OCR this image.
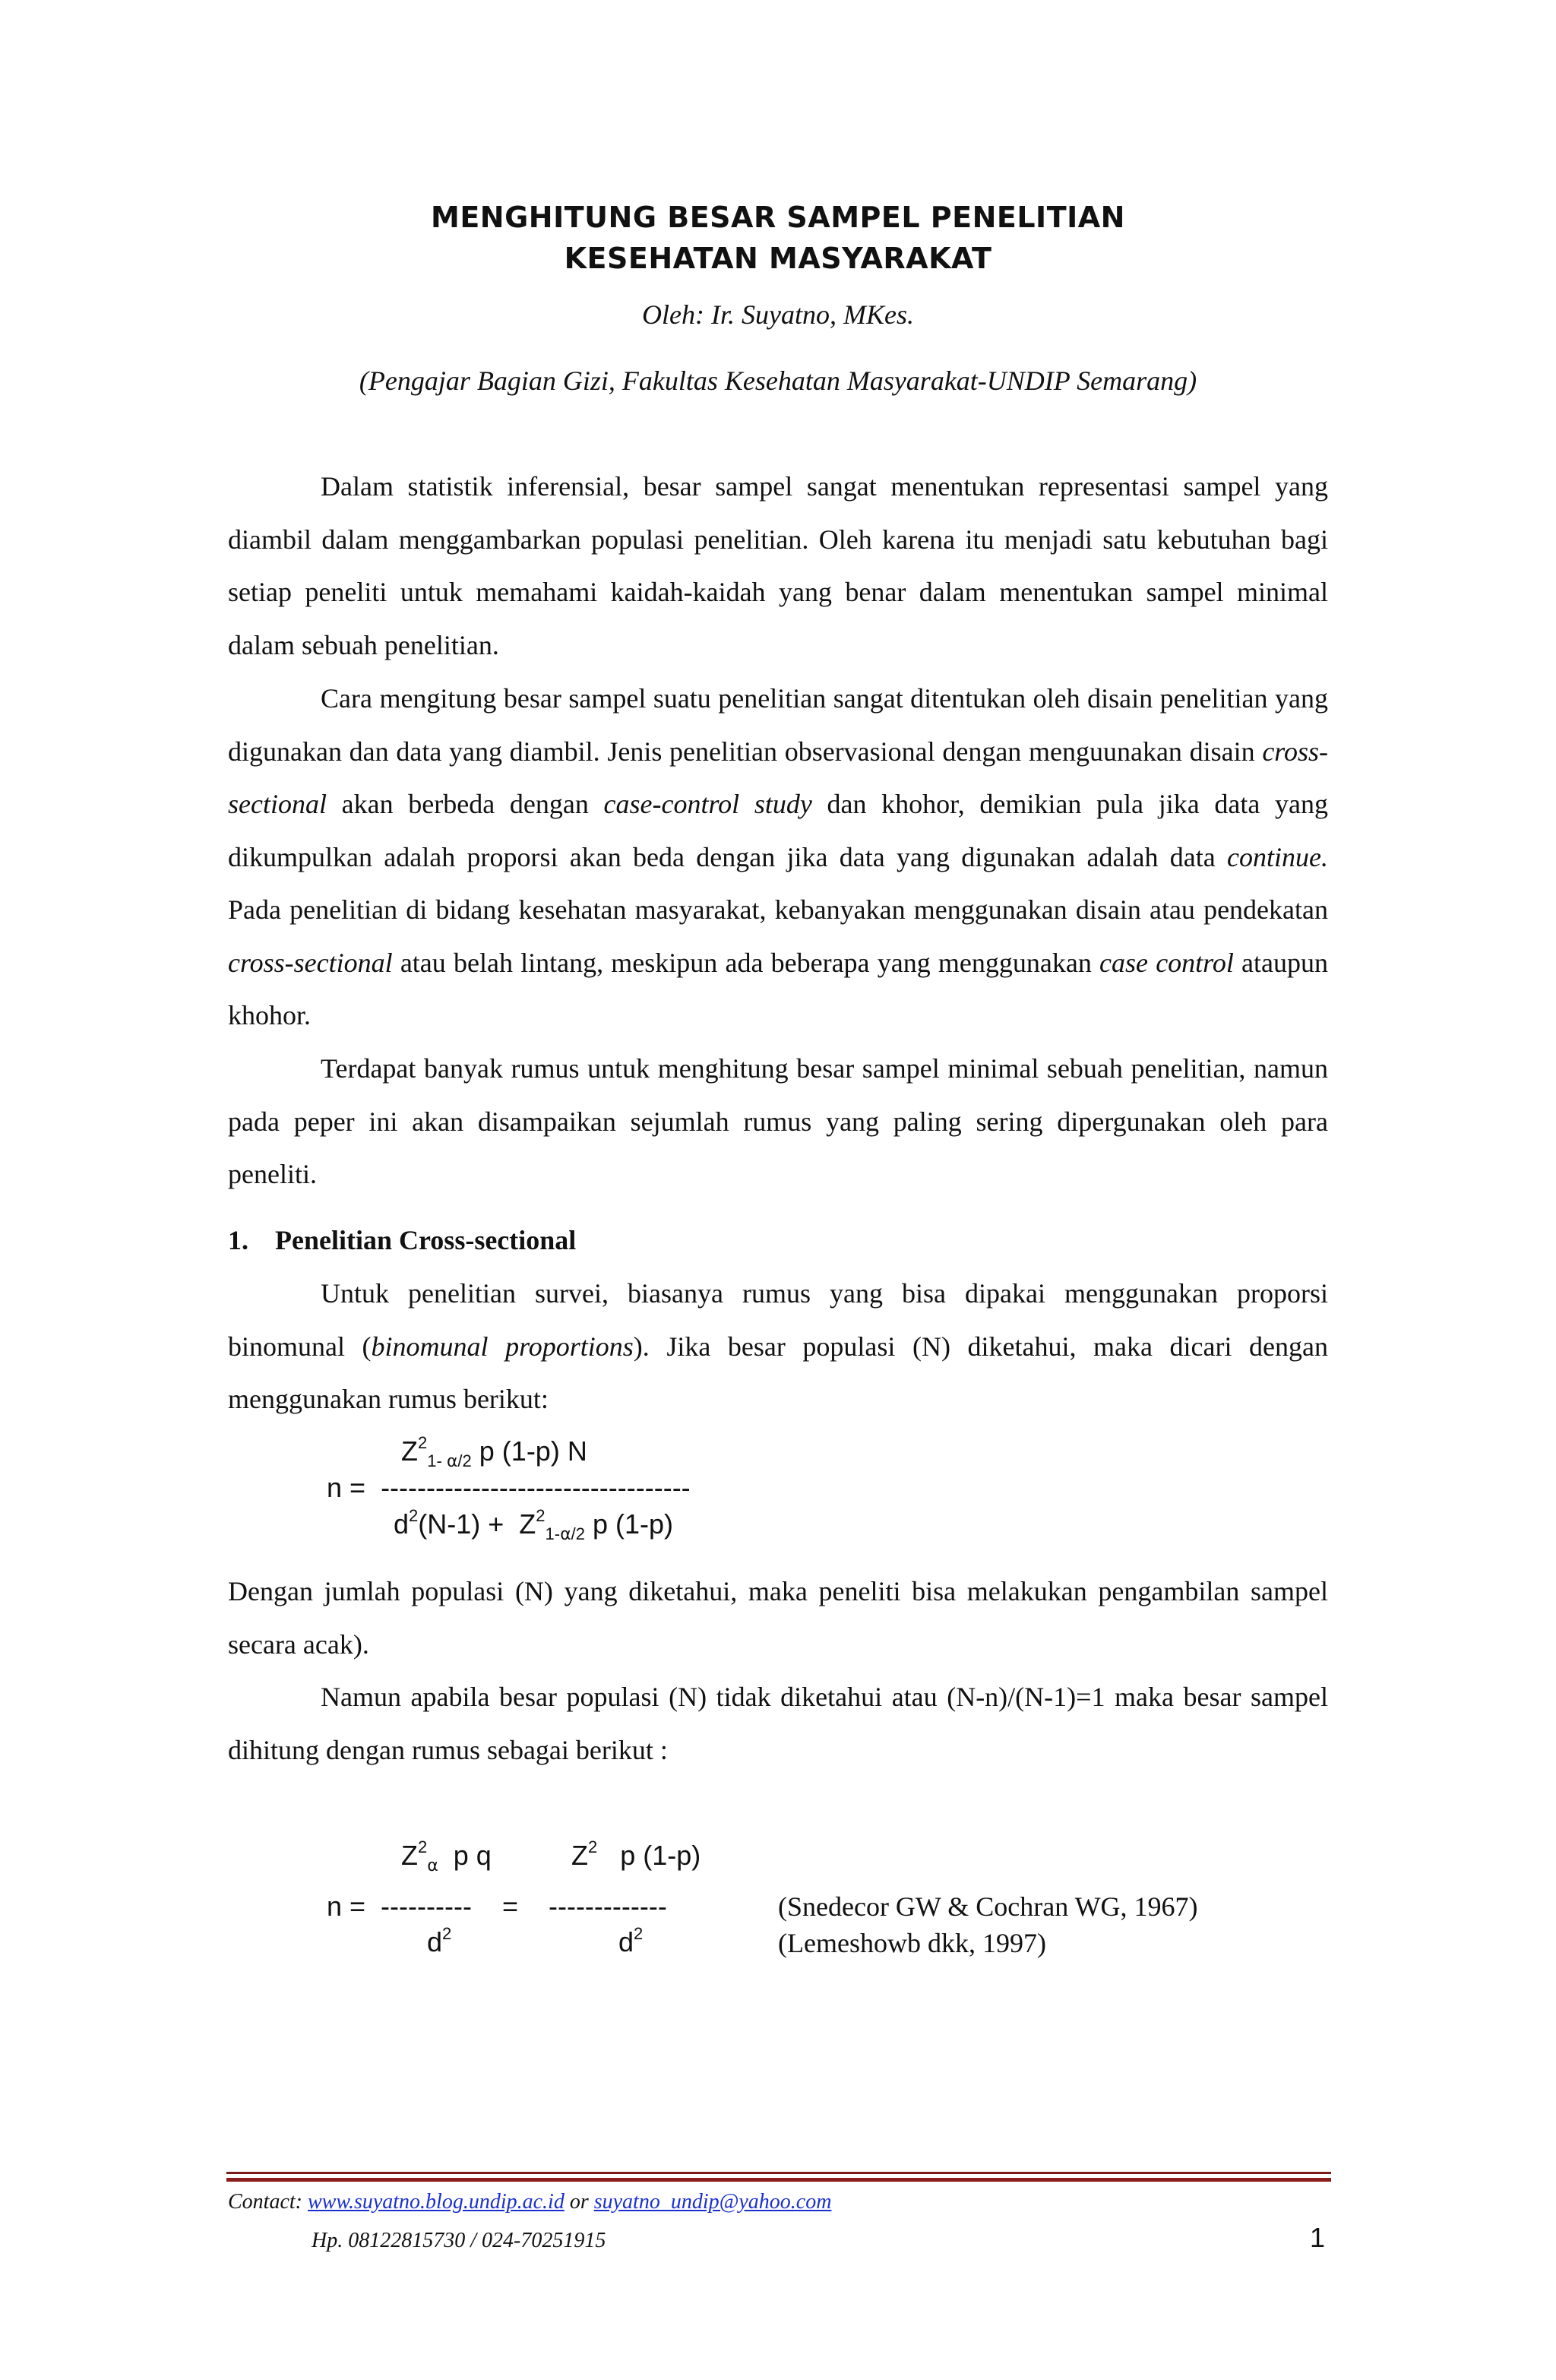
MENGHITUNG BESAR SAMPEL PENELITIAN
KESEHATAN MASYARAKAT
Oleh: Ir. Suyatno, MKes.
(Pengajar Bagian Gizi, Fakultas Kesehatan Masyarakat-UNDIP Semarang)

Dalam statistik inferensial, besar sampel sangat menentukan representasi sampel yang diambil dalam menggambarkan populasi penelitian. Oleh karena itu menjadi satu kebutuhan bagi setiap peneliti untuk memahami kaidah-kaidah yang benar dalam menentukan sampel minimal dalam sebuah penelitian.

Cara mengitung besar sampel suatu penelitian sangat ditentukan oleh disain penelitian yang digunakan dan data yang diambil. Jenis penelitian observasional dengan menguunakan disain cross-sectional akan berbeda dengan case-control study dan khohor, demikian pula jika data yang dikumpulkan adalah proporsi akan beda dengan jika data yang digunakan adalah data continue. Pada penelitian di bidang kesehatan masyarakat, kebanyakan menggunakan disain atau pendekatan cross-sectional atau belah lintang, meskipun ada beberapa yang menggunakan case control ataupun khohor.

Terdapat banyak rumus untuk menghitung besar sampel minimal sebuah penelitian, namun pada peper ini akan disampaikan sejumlah rumus yang paling sering dipergunakan oleh para peneliti.

1. Penelitian Cross-sectional

Untuk penelitian survei, biasanya rumus yang bisa dipakai menggunakan proporsi binomunal (binomunal proportions). Jika besar populasi (N) diketahui, maka dicari dengan menggunakan rumus berikut:

$Z^2_{1- ⍺/2}$ p (1-p) N
n =  ----------------------------------
$d^2(N-1) + Z^2_{1-⍺/2}$ p (1-p)

Dengan jumlah populasi (N) yang diketahui, maka peneliti bisa melakukan pengambilan sampel secara acak).

Namun apabila besar populasi (N) tidak diketahui atau (N-n)/(N-1)=1 maka besar sampel dihitung dengan rumus sebagai berikut :

$Z^2_⍺$  p q	$Z^2$   p (1-p)
n =  ----------    =    -------------	(Snedecor GW & Cochran WG, 1967)
$d^2$	$d^2$	(Lemeshowb dkk, 1997)
Contact: www.suyatno.blog.undip.ac.id or suyatno_undip@yahoo.com
Hp. 08122815730 / 024-70251915	1
